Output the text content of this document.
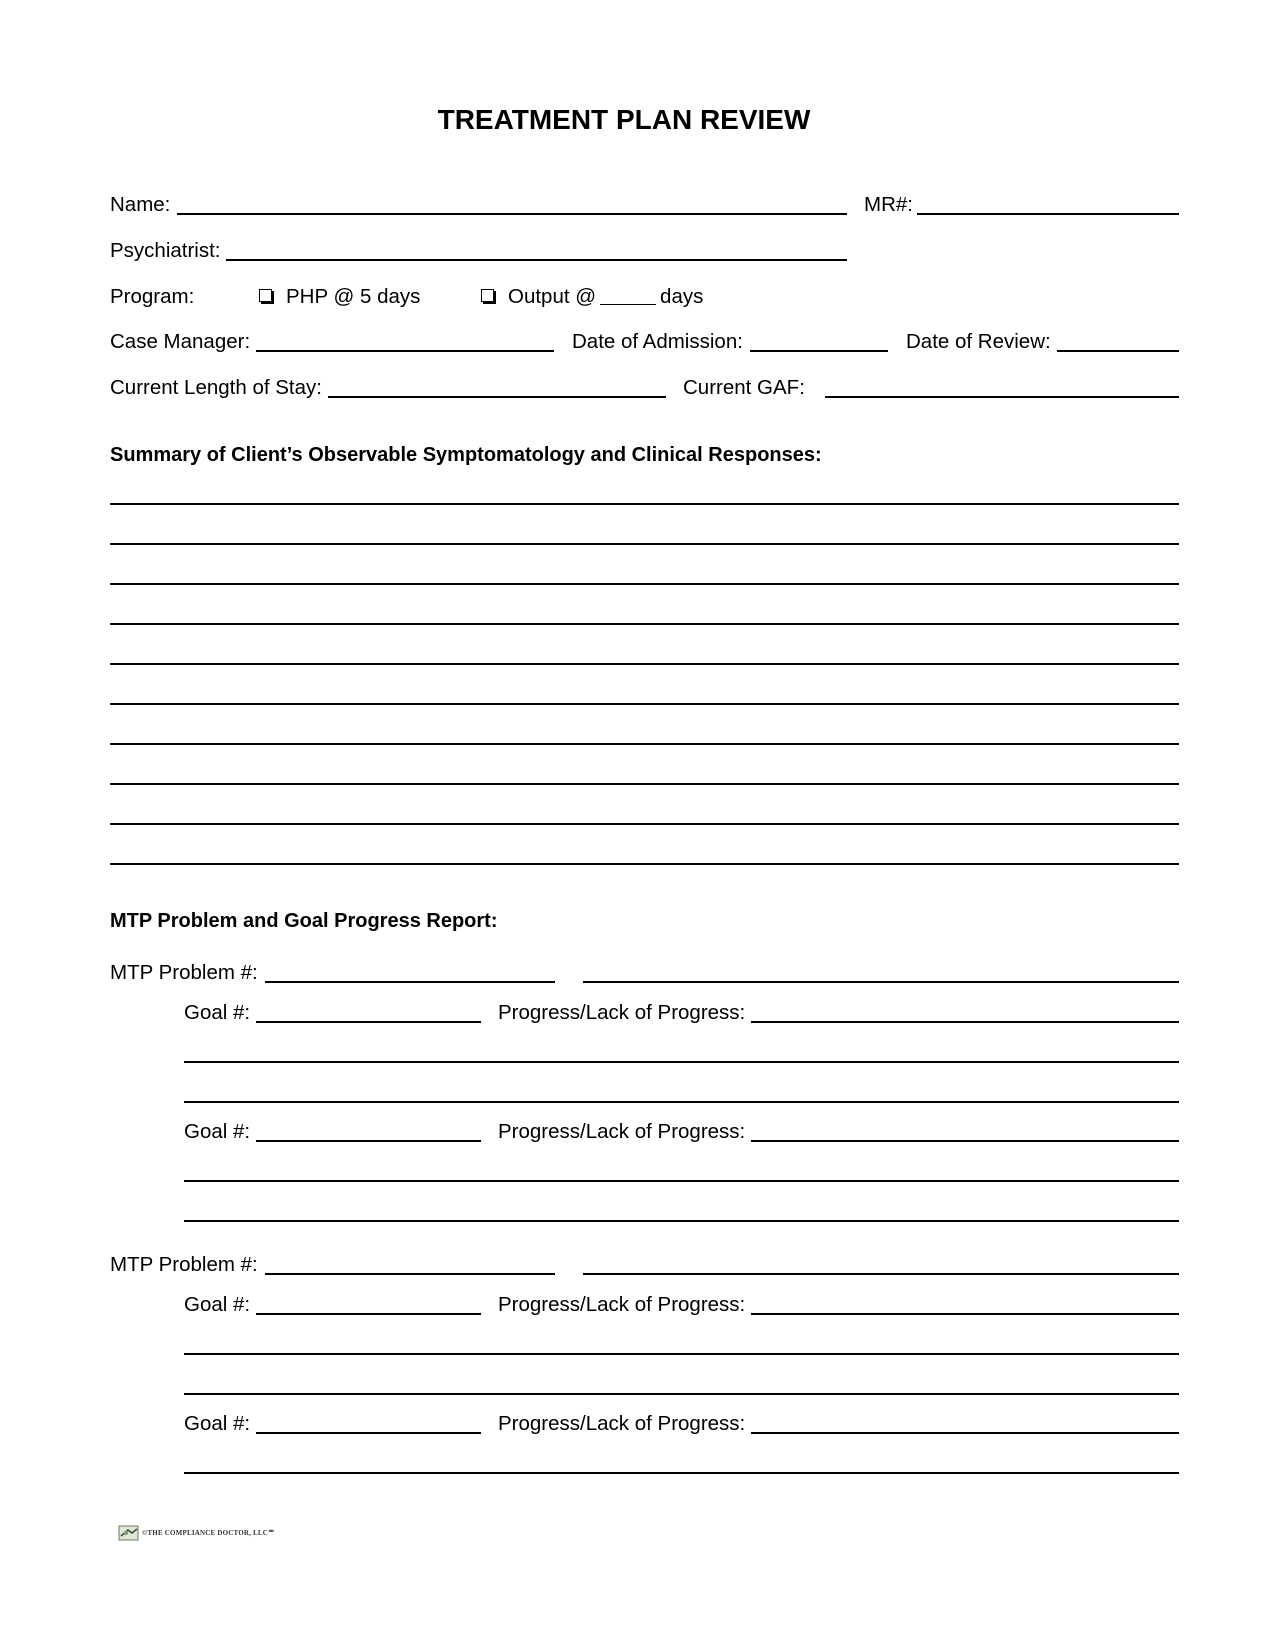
TREATMENT PLAN REVIEW
Name:	MR#:
Psychiatrist:
Program:	PHP @ 5 days	Output @	days
Case Manager:	Date of Admission:	Date of Review:
Current Length of Stay:	Current GAF:
Summary of Client’s Observable Symptomatology and Clinical Responses:
MTP Problem and Goal Progress Report:
MTP Problem #:
Goal #:	Progress/Lack of Progress:
Goal #:	Progress/Lack of Progress:
MTP Problem #:
Goal #:	Progress/Lack of Progress:
Goal #:	Progress/Lack of Progress:
©THE COMPLIANCE DOCTOR, LLC℠
